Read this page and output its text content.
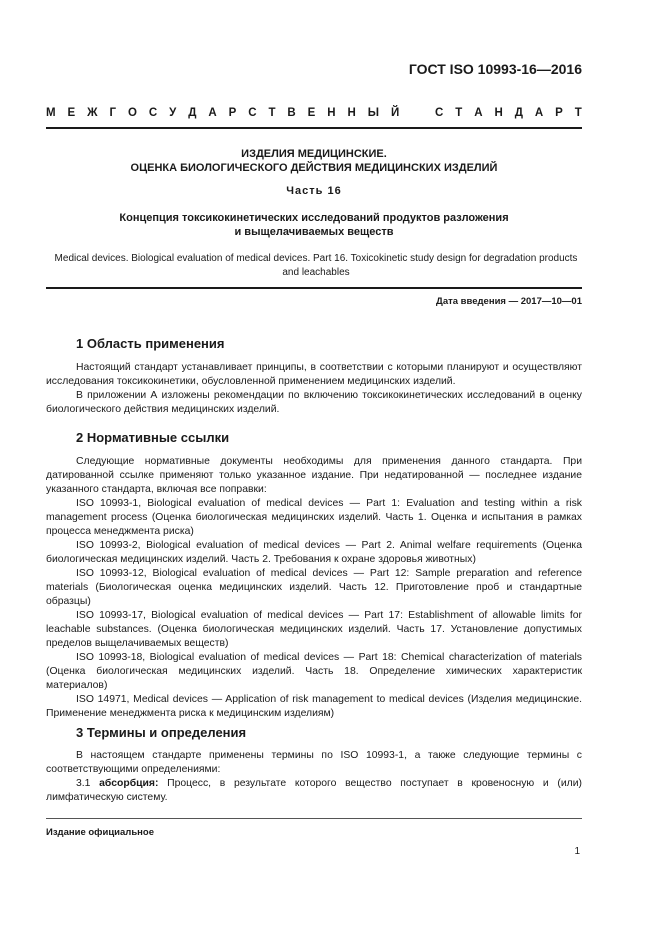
ГОСТ ISO 10993-16—2016
М Е Ж Г О С У Д А Р С Т В Е Н Н Ы Й	С Т А Н Д А Р Т
ИЗДЕЛИЯ МЕДИЦИНСКИЕ.
ОЦЕНКА БИОЛОГИЧЕСКОГО ДЕЙСТВИЯ МЕДИЦИНСКИХ ИЗДЕЛИЙ
Часть 16
Концепция токсикокинетических исследований продуктов разложения
и выщелачиваемых веществ
Medical devices. Biological evaluation of medical devices. Part 16. Toxicokinetic study design for degradation products
and leachables
Дата введения — 2017—10—01
1 Область применения

Настоящий стандарт устанавливает принципы, в соответствии с которыми планируют и осуществляют исследования токсикокинетики, обусловленной применением медицинских изделий.

В приложении А изложены рекомендации по включению токсикокинетических исследований в оценку биологического действия медицинских изделий.

2 Нормативные ссылки

Следующие нормативные документы необходимы для применения данного стандарта. При датированной ссылке применяют только указанное издание. При недатированной — последнее издание указанного стандарта, включая все поправки:

ISO 10993-1, Biological evaluation of medical devices — Part 1: Evaluation and testing within a risk management process (Оценка биологическая медицинских изделий. Часть 1. Оценка и испытания в рамках процесса менеджмента риска)

ISO 10993-2, Biological evaluation of medical devices — Part 2. Animal welfare requirements (Оценка биологическая медицинских изделий. Часть 2. Требования к охране здоровья животных)

ISO 10993-12, Biological evaluation of medical devices — Part 12: Sample preparation and reference materials (Биологическая оценка медицинских изделий. Часть 12. Приготовление проб и стандартные образцы)

ISO 10993-17, Biological evaluation of medical devices — Part 17: Establishment of allowable limits for leachable substances. (Оценка биологическая медицинских изделий. Часть 17. Установление допустимых пределов выщелачиваемых веществ)

ISO 10993-18, Biological evaluation of medical devices — Part 18: Chemical characterization of materials (Оценка биологическая медицинских изделий. Часть 18. Определение химических характеристик материалов)

ISO 14971, Medical devices — Application of risk management to medical devices (Изделия медицинские. Применение менеджмента риска к медицинским изделиям)

3 Термины и определения

В настоящем стандарте применены термины по ISO 10993-1, а также следующие термины с соответствующими определениями:

3.1 абсорбция: Процесс, в результате которого вещество поступает в кровеносную и (или) лимфатическую систему.

Издание официальное
1
